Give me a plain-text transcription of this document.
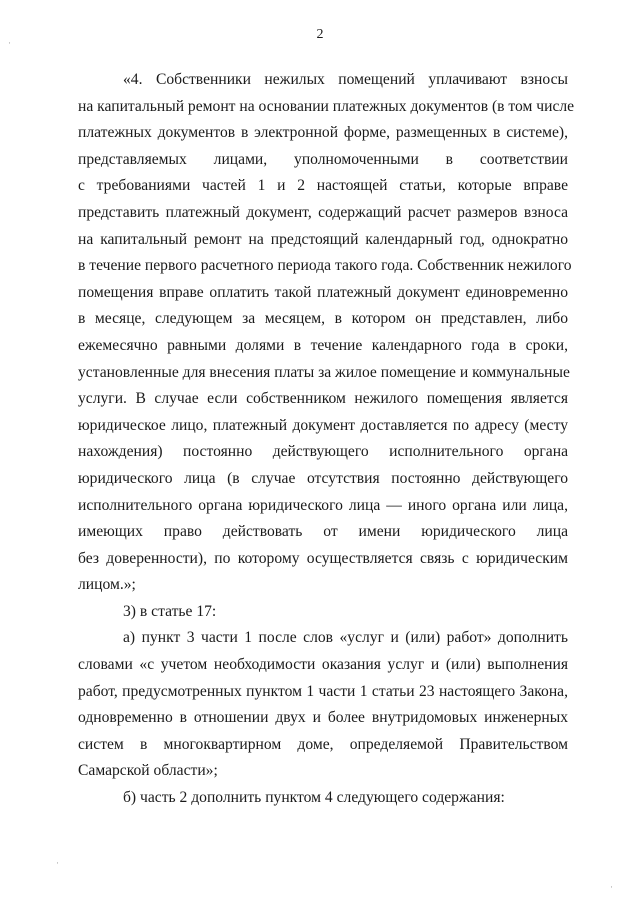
2
«4. Собственники нежилых помещений уплачивают взносы
на капитальный ремонт на основании платежных документов (в том числе
платежных документов в электронной форме, размещенных в системе),
представляемых лицами, уполномоченными в соответствии
с требованиями частей 1 и 2 настоящей статьи, которые вправе
представить платежный документ, содержащий расчет размеров взноса
на капитальный ремонт на предстоящий календарный год, однократно
в течение первого расчетного периода такого года. Собственник нежилого
помещения вправе оплатить такой платежный документ единовременно
в месяце, следующем за месяцем, в котором он представлен, либо
ежемесячно равными долями в течение календарного года в сроки,
установленные для внесения платы за жилое помещение и коммунальные
услуги. В случае если собственником нежилого помещения является
юридическое лицо, платежный документ доставляется по адресу (месту
нахождения) постоянно действующего исполнительного органа
юридического лица (в случае отсутствия постоянно действующего
исполнительного органа юридического лица — иного органа или лица,
имеющих право действовать от имени юридического лица
без доверенности), по которому осуществляется связь с юридическим
лицом.»;
3) в статье 17:
а) пункт 3 части 1 после слов «услуг и (или) работ» дополнить
словами «с учетом необходимости оказания услуг и (или) выполнения
работ, предусмотренных пунктом 1 части 1 статьи 23 настоящего Закона,
одновременно в отношении двух и более внутридомовых инженерных
систем в многоквартирном доме, определяемой Правительством
Самарской области»;
б) часть 2 дополнить пунктом 4 следующего содержания:
·
·
·
